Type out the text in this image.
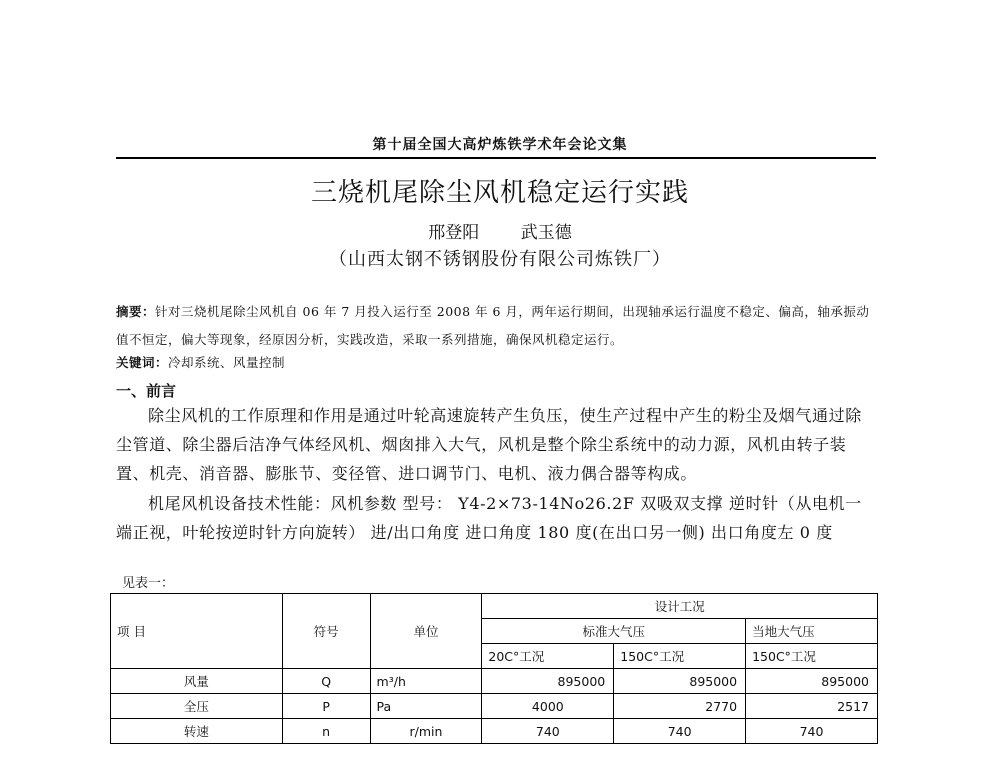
第十届全国大高炉炼铁学术年会论文集
三烧机尾除尘风机稳定运行实践
邢登阳 武玉德
（山西太钢不锈钢股份有限公司炼铁厂）
摘要：针对三烧机尾除尘风机自 06 年 7 月投入运行至 2008 年 6 月，两年运行期间，出现轴承运行温度不稳定、偏高，轴承振动值不恒定，偏大等现象，经原因分析，实践改造，采取一系列措施，确保风机稳定运行。
关键词：冷却系统、风量控制
一、前言

除尘风机的工作原理和作用是通过叶轮高速旋转产生负压，使生产过程中产生的粉尘及烟气通过除尘管道、除尘器后洁净气体经风机、烟囱排入大气，风机是整个除尘系统中的动力源，风机由转子装置、机壳、消音器、膨胀节、变径管、进口调节门、电机、液力偶合器等构成。

机尾风机设备技术性能：风机参数 型号： Y4-2×73-14No26.2F 双吸双支撑 逆时针（从电机一端正视，叶轮按逆时针方向旋转） 进/出口角度 进口角度 180 度(在出口另一侧) 出口角度左 0 度

见表一：
项 目	符号	单位	设计工况		
			标准大气压		当地大气压
			20C°工况	150C°工况	150C°工况
风量	Q	m³/h	895000	895000	895000
全压	P	Pa	4000	2770	2517
转速	n	r/min	740	740	740
